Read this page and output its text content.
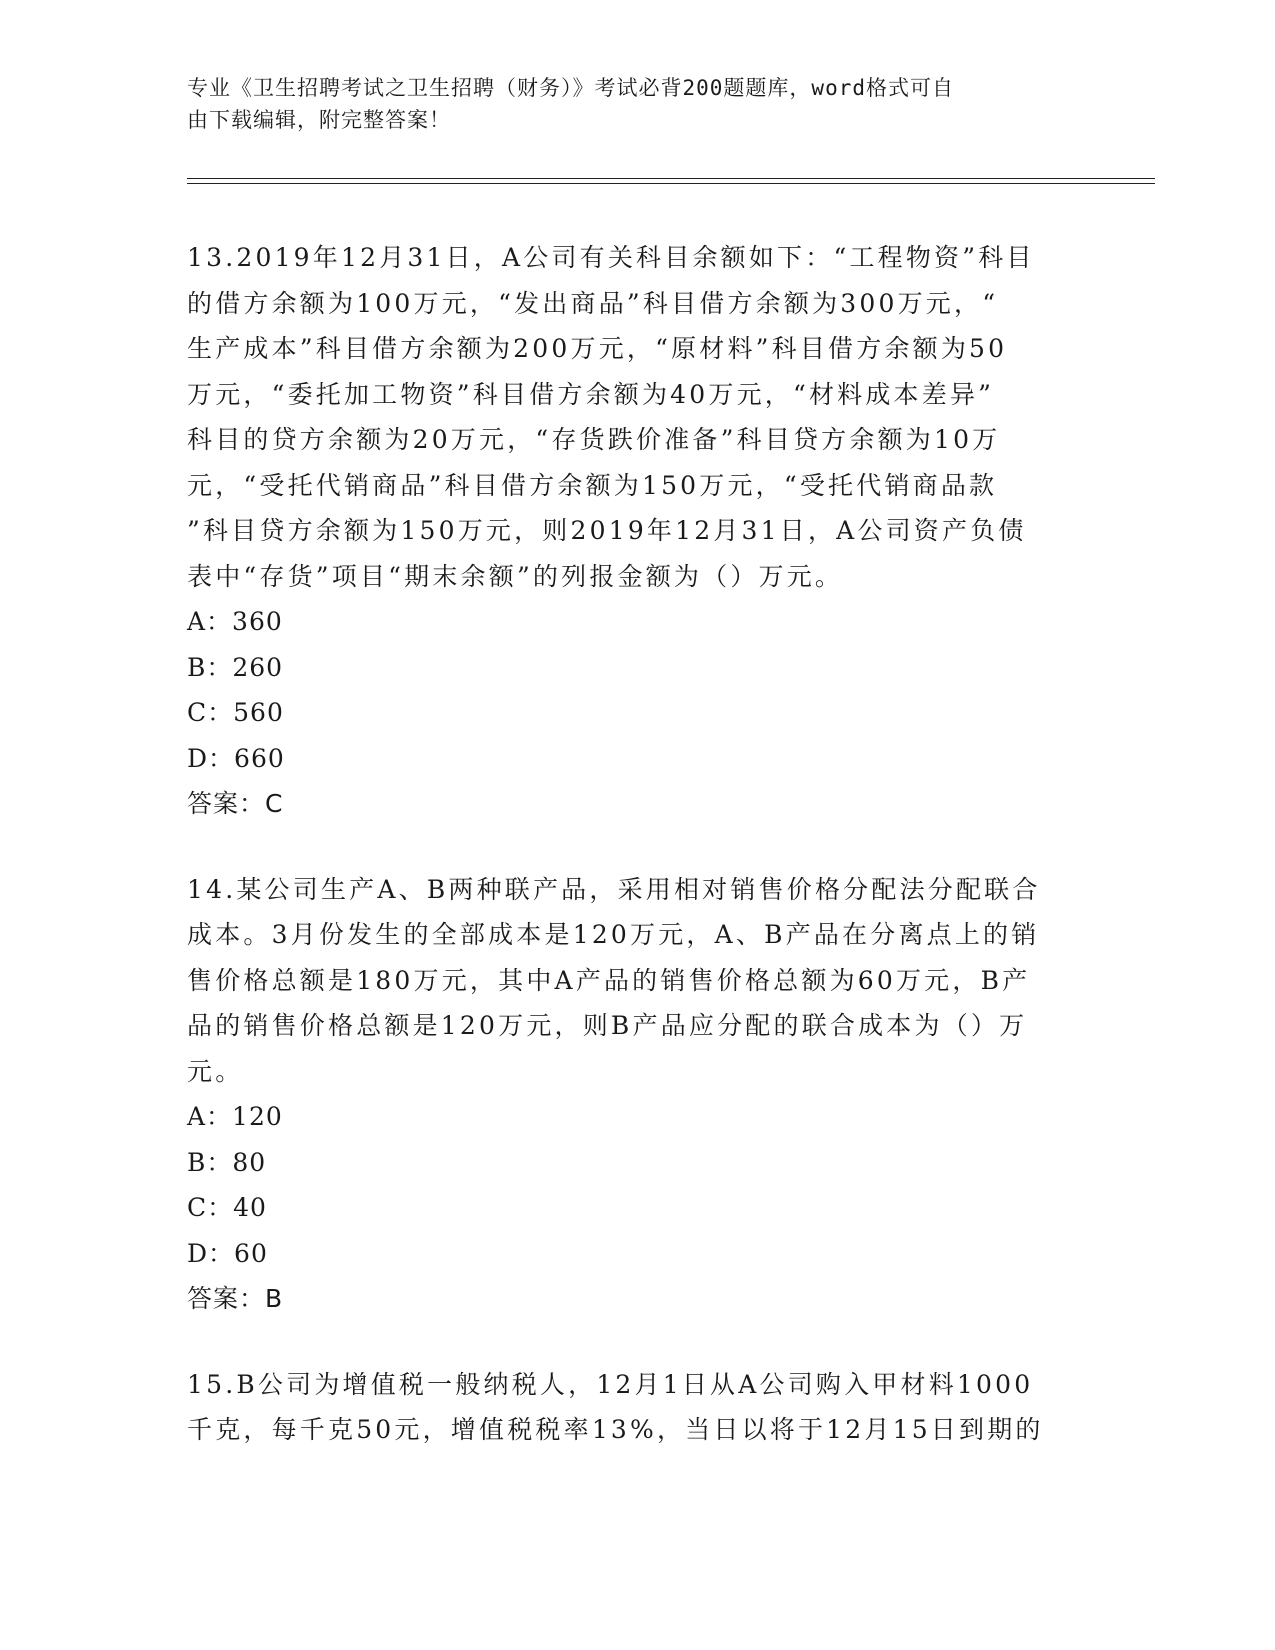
专业《卫生招聘考试之卫生招聘（财务）》考试必背200题题库，word格式可自
由下载编辑，附完整答案！

13.2019年12月31日，A公司有关科目余额如下：“工程物资”科目

的借方余额为100万元，“发出商品”科目借方余额为300万元，“

生产成本”科目借方余额为200万元，“原材料”科目借方余额为50

万元，“委托加工物资”科目借方余额为40万元，“材料成本差异”

科目的贷方余额为20万元，“存货跌价准备”科目贷方余额为10万

元，“受托代销商品”科目借方余额为150万元，“受托代销商品款

”科目贷方余额为150万元，则2019年12月31日，A公司资产负债

表中“存货”项目“期末余额”的列报金额为（）万元。

A：360

B：260

C：560

D：660

答案：C

14.某公司生产A、B两种联产品，采用相对销售价格分配法分配联合

成本。3月份发生的全部成本是120万元，A、B产品在分离点上的销

售价格总额是180万元，其中A产品的销售价格总额为60万元，B产

品的销售价格总额是120万元，则B产品应分配的联合成本为（）万

元。

A：120

B：80

C：40

D：60

答案：B

15.B公司为增值税一般纳税人，12月1日从A公司购入甲材料1000

千克，每千克50元，增值税税率13%，当日以将于12月15日到期的
